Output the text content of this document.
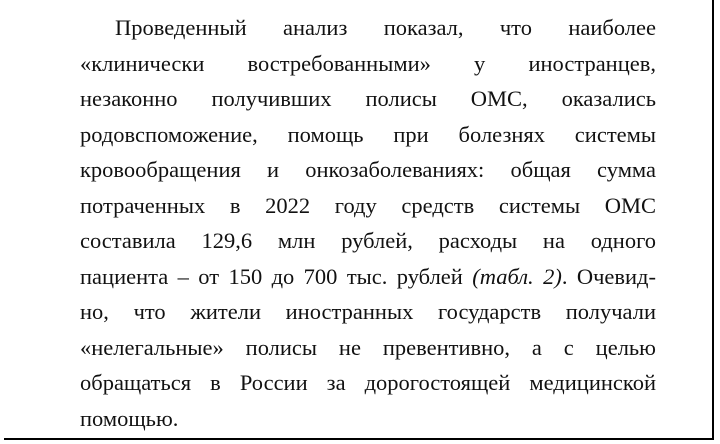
Проведенный анализ показал, что наиболее
«клинически востребованными» у иностранцев,
незаконно получивших полисы ОМС, оказались
родовспоможение, помощь при болезнях системы
кровообращения и онкозаболеваниях: общая сумма
потраченных в 2022 году средств системы ОМС
составила 129,6 млн рублей, расходы на одного
пациента – от 150 до 700 тыс. рублей (табл. 2). Очевид-
но, что жители иностранных государств получали
«нелегальные» полисы не превентивно, а с целью
обращаться в России за дорогостоящей медицинской
помощью.
